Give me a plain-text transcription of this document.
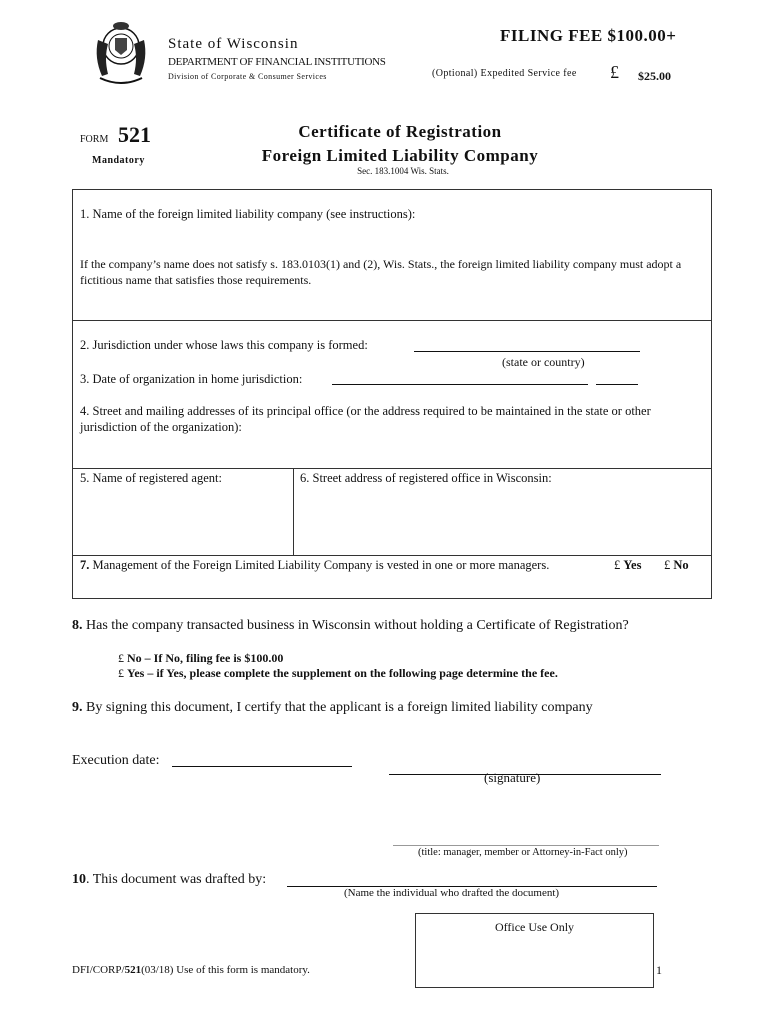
State of Wisconsin
DEPARTMENT OF FINANCIAL INSTITUTIONS
Division of Corporate & Consumer Services
FILING FEE $100.00+
(Optional) Expedited Service fee £ $25.00
FORM 521
Mandatory
Certificate of Registration
Foreign Limited Liability Company
Sec. 183.1004 Wis. Stats.
1. Name of the foreign limited liability company (see instructions):
If the company’s name does not satisfy s. 183.0103(1) and (2), Wis. Stats., the foreign limited liability company must adopt a fictitious name that satisfies those requirements.
2. Jurisdiction under whose laws this company is formed:
(state or country)
3. Date of organization in home jurisdiction:
4. Street and mailing addresses of its principal office (or the address required to be maintained in the state or other jurisdiction of the organization):
5. Name of registered agent:	6. Street address of registered office in Wisconsin:
7. Management of the Foreign Limited Liability Company is vested in one or more managers.	£ Yes £ No
8. Has the company transacted business in Wisconsin without holding a Certificate of Registration?
£ No – If No, filing fee is $100.00
£ Yes – if Yes, please complete the supplement on the following page determine the fee.
9. By signing this document, I certify that the applicant is a foreign limited liability company
Execution date:
(signature)
(title: manager, member or Attorney-in-Fact only)
10. This document was drafted by:
(Name the individual who drafted the document)
Office Use Only
DFI/CORP/521(03/18) Use of this form is mandatory.	1
